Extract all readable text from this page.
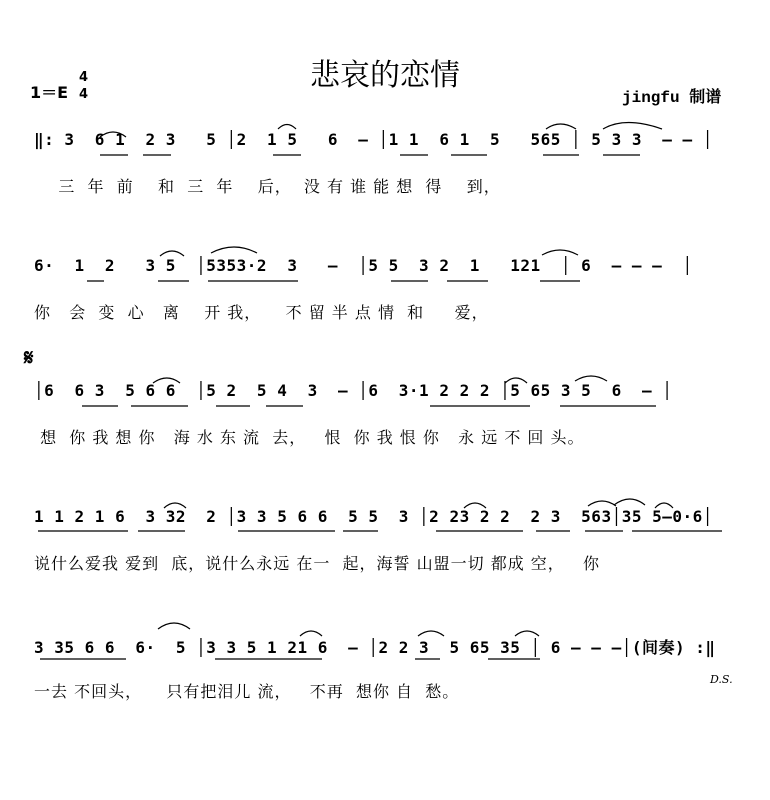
悲哀的恋情
1＝E
4
4	jingfu 制谱
‖: 3  6 1  2 3   5 │2  1 5   6  – │1 1  6 1  5   565 │ 5 3 3  – – │
三  年  前    和  三  年    后，  没 有 谁 能 想  得    到，
6·  1  2   3 5  │5353·2  3   –  │5 5  3 2  1   121  │ 6  – – –  │
你   会  变  心   离    开 我，    不 留 半 点 情  和     爱，
𝄋
│6  6 3  5 6 6  │5 2  5 4  3  – │6  3·1 2 2 2 │5 65 3 5  6  – │
想  你 我 想 你   海 水 东 流  去，   恨  你 我 恨 你   永 远 不 回 头。
1 1 2 1 6  3 32  2 │3 3 5 6 6  5 5  3 │2 23 2 2  2 3  563│35 5–0·6│
说什么爱我 爱到  底，说什么永远 在一  起，海誓 山盟一切 都成 空，   你
3 35 6 6  6·  5 │3 3 5 1 21 6  – │2 2 3  5 65 35 │ 6 – – –│(间奏) :‖
一去 不回头，    只有把泪儿 流，   不再  想你 自  愁。
D.S.
